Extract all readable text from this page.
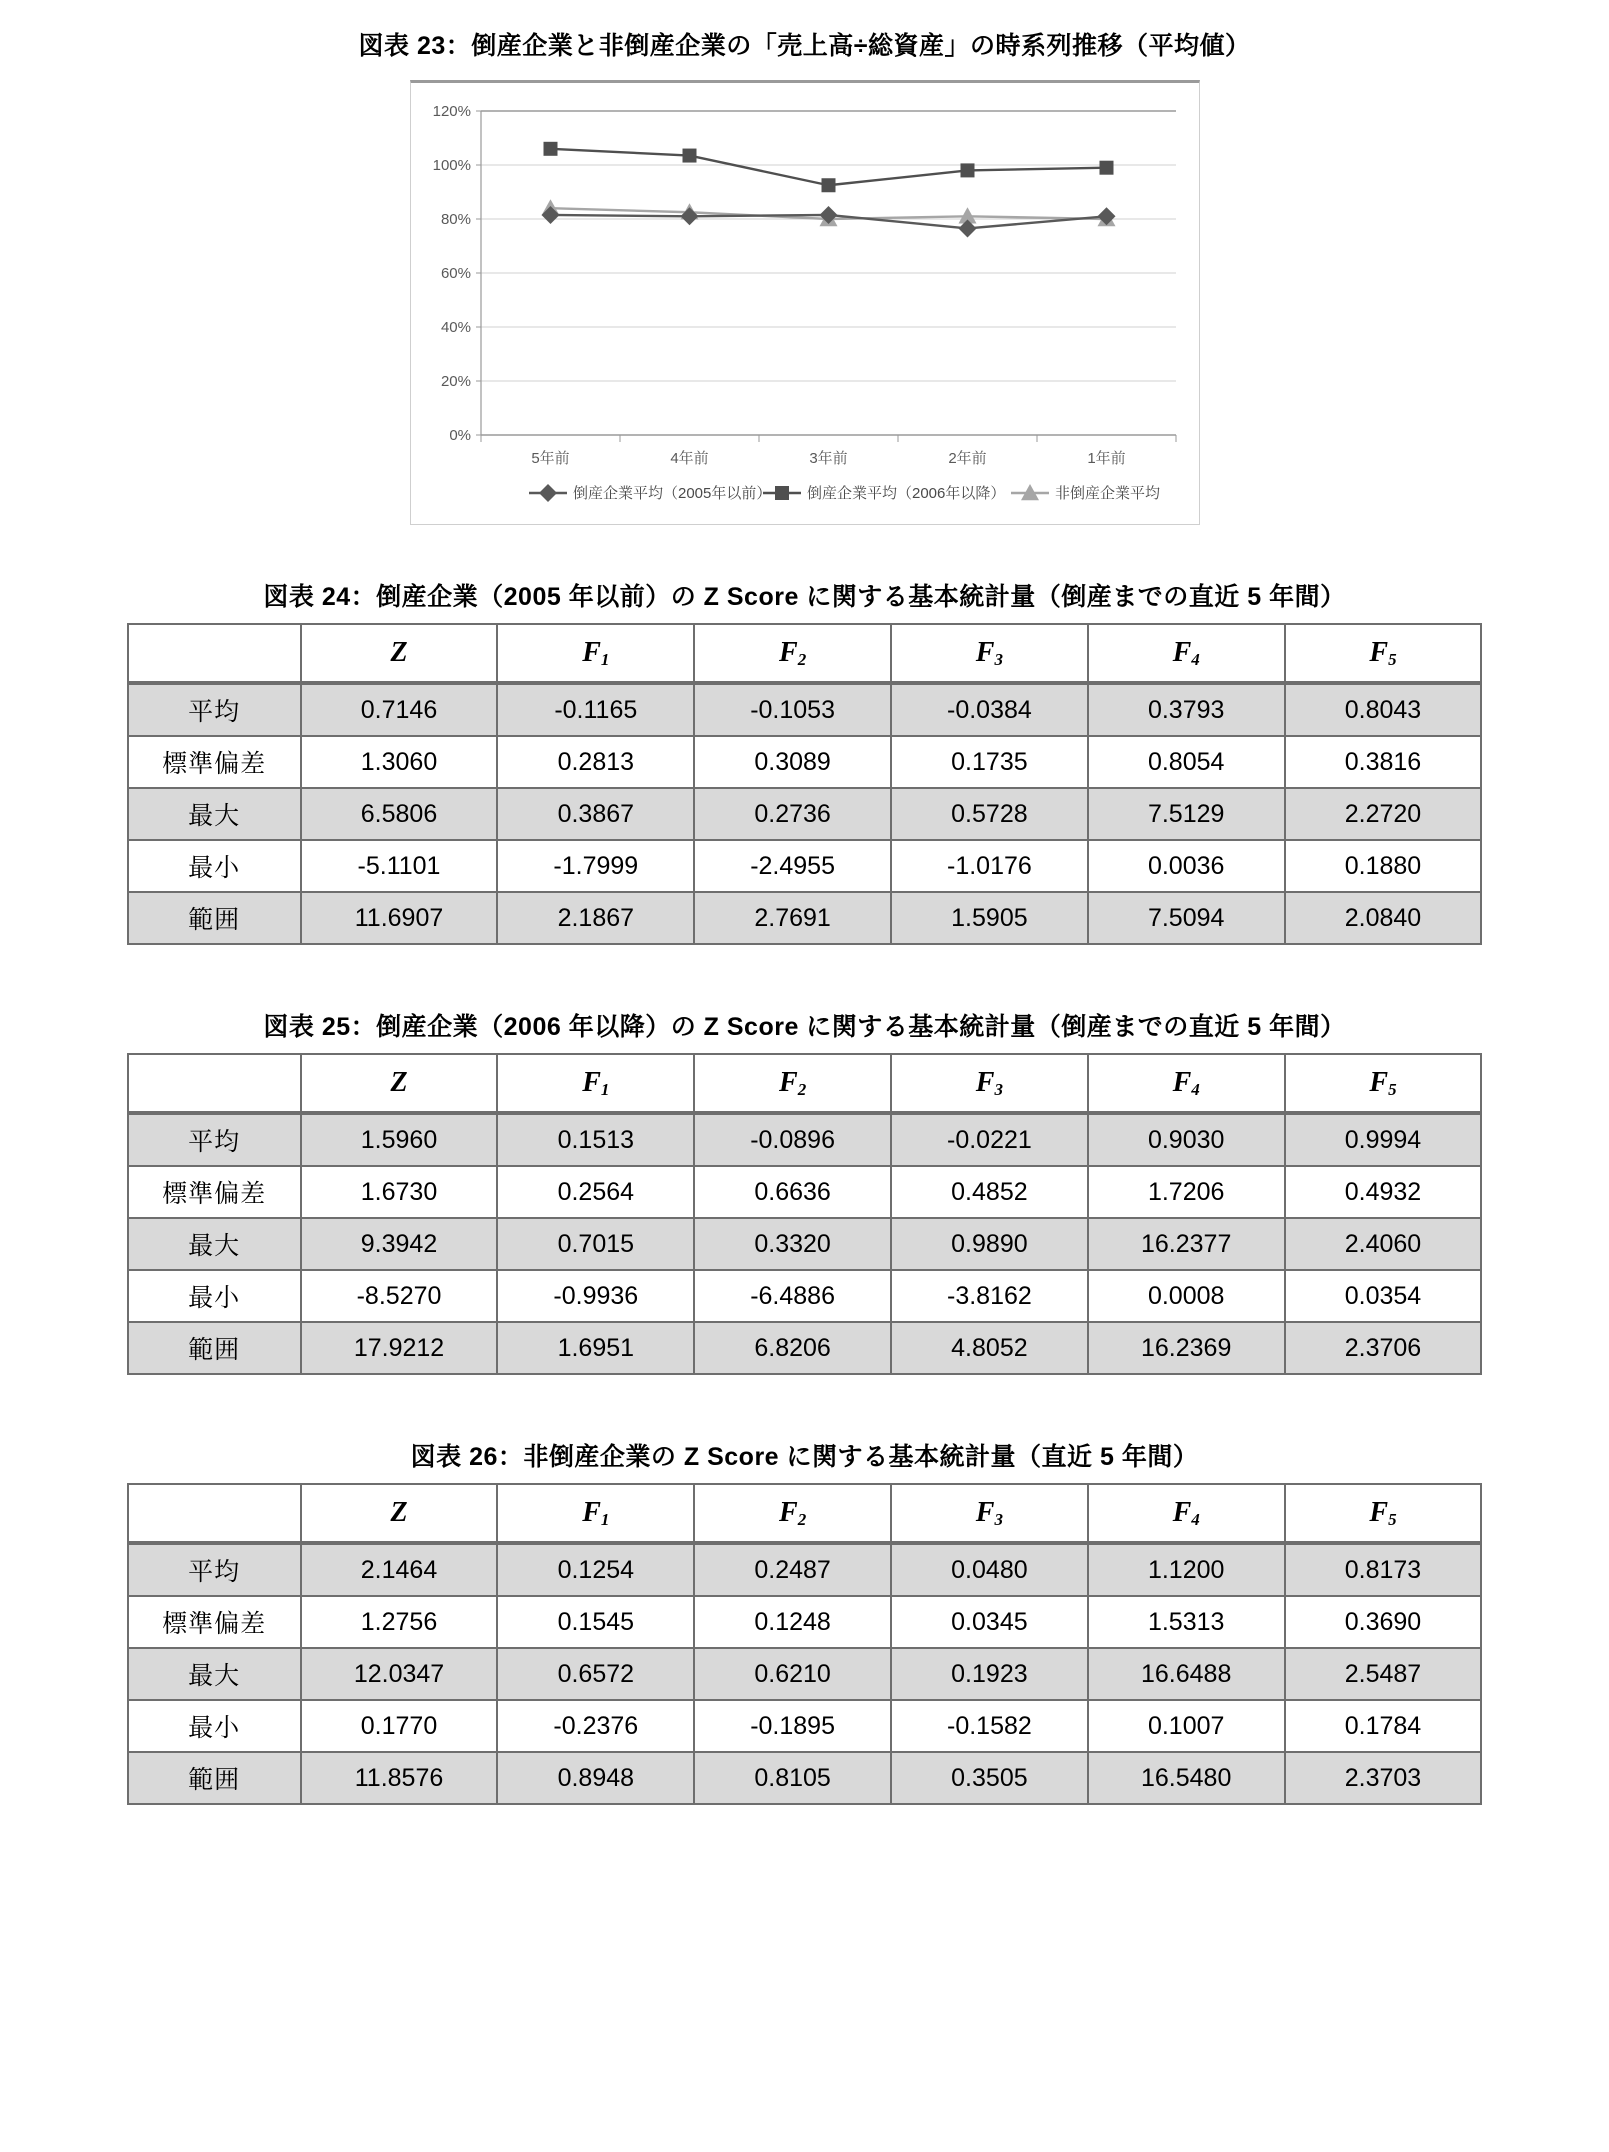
図表 23：倒産企業と非倒産企業の「売上高÷総資産」の時系列推移（平均値）
0%
20%
40%
60%
80%
100%
120%
5年前	4年前	3年前	2年前	1年前
倒産企業平均（2005年以前） 倒産企業平均（2006年以降）	非倒産企業平均
図表 24：倒産企業（2005 年以前）の Z Score に関する基本統計量（倒産までの直近 5 年間）
	Z	$F_1$	$F_2$	$F_3$	$F_4$	$F_5$
平均	0.7146	-0.1165	-0.1053	-0.0384	0.3793	0.8043
標準偏差	1.3060	0.2813	0.3089	0.1735	0.8054	0.3816
最大	6.5806	0.3867	0.2736	0.5728	7.5129	2.2720
最小	-5.1101	-1.7999	-2.4955	-1.0176	0.0036	0.1880
範囲	11.6907	2.1867	2.7691	1.5905	7.5094	2.0840
図表 25：倒産企業（2006 年以降）の Z Score に関する基本統計量（倒産までの直近 5 年間）
	Z	$F_1$	$F_2$	$F_3$	$F_4$	$F_5$
平均	1.5960	0.1513	-0.0896	-0.0221	0.9030	0.9994
標準偏差	1.6730	0.2564	0.6636	0.4852	1.7206	0.4932
最大	9.3942	0.7015	0.3320	0.9890	16.2377	2.4060
最小	-8.5270	-0.9936	-6.4886	-3.8162	0.0008	0.0354
範囲	17.9212	1.6951	6.8206	4.8052	16.2369	2.3706
図表 26：非倒産企業の Z Score に関する基本統計量（直近 5 年間）
	Z	$F_1$	$F_2$	$F_3$	$F_4$	$F_5$
平均	2.1464	0.1254	0.2487	0.0480	1.1200	0.8173
標準偏差	1.2756	0.1545	0.1248	0.0345	1.5313	0.3690
最大	12.0347	0.6572	0.6210	0.1923	16.6488	2.5487
最小	0.1770	-0.2376	-0.1895	-0.1582	0.1007	0.1784
範囲	11.8576	0.8948	0.8105	0.3505	16.5480	2.3703
